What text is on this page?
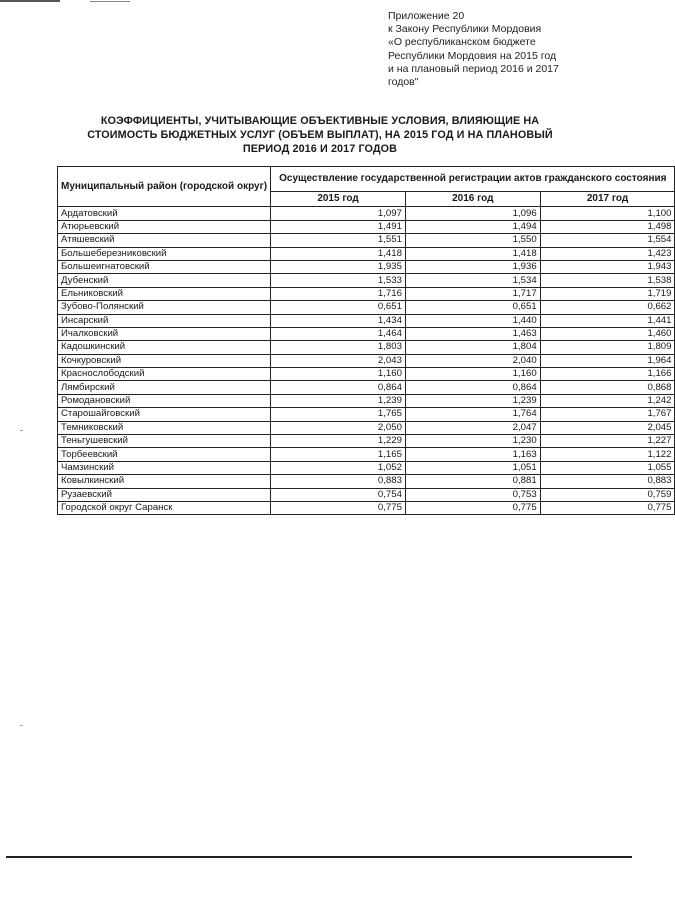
Приложение 20
к Закону Республики Мордовия
«О республиканском бюджете
Республики Мордовия на 2015 год
и на плановый период 2016 и 2017
годов"
КОЭФФИЦИЕНТЫ, УЧИТЫВАЮЩИЕ ОБЪЕКТИВНЫЕ УСЛОВИЯ, ВЛИЯЮЩИЕ НА
СТОИМОСТЬ БЮДЖЕТНЫХ УСЛУГ (ОБЪЕМ ВЫПЛАТ), НА 2015 ГОД И НА ПЛАНОВЫЙ
ПЕРИОД 2016 И 2017 ГОДОВ
Муниципальный район (городской округ)	Осуществление государственной регистрации актов гражданского состояния		
	2015 год	2016 год	2017 год
Ардатовский	1,097	1,096	1,100
Атюрьевский	1,491	1,494	1,498
Атяшевский	1,551	1,550	1,554
Большеберезниковский	1,418	1,418	1,423
Большеигнатовский	1,935	1,936	1,943
Дубенский	1,533	1,534	1,538
Ельниковский	1,716	1,717	1,719
Зубово-Полянский	0,651	0,651	0,662
Инсарский	1,434	1,440	1,441
Ичалковский	1,464	1,463	1,460
Кадошкинский	1,803	1,804	1,809
Кочкуровский	2,043	2,040	1,964
Краснослободский	1,160	1,160	1,166
Лямбирский	0,864	0,864	0,868
Ромодановский	1,239	1,239	1,242
Старошайговский	1,765	1,764	1,767
Темниковский	2,050	2,047	2,045
Теньгушевский	1,229	1,230	1,227
Торбеевский	1,165	1,163	1,122
Чамзинский	1,052	1,051	1,055
Ковылкинский	0,883	0,881	0,883
Рузаевский	0,754	0,753	0,759
Городской округ Саранск	0,775	0,775	0,775
